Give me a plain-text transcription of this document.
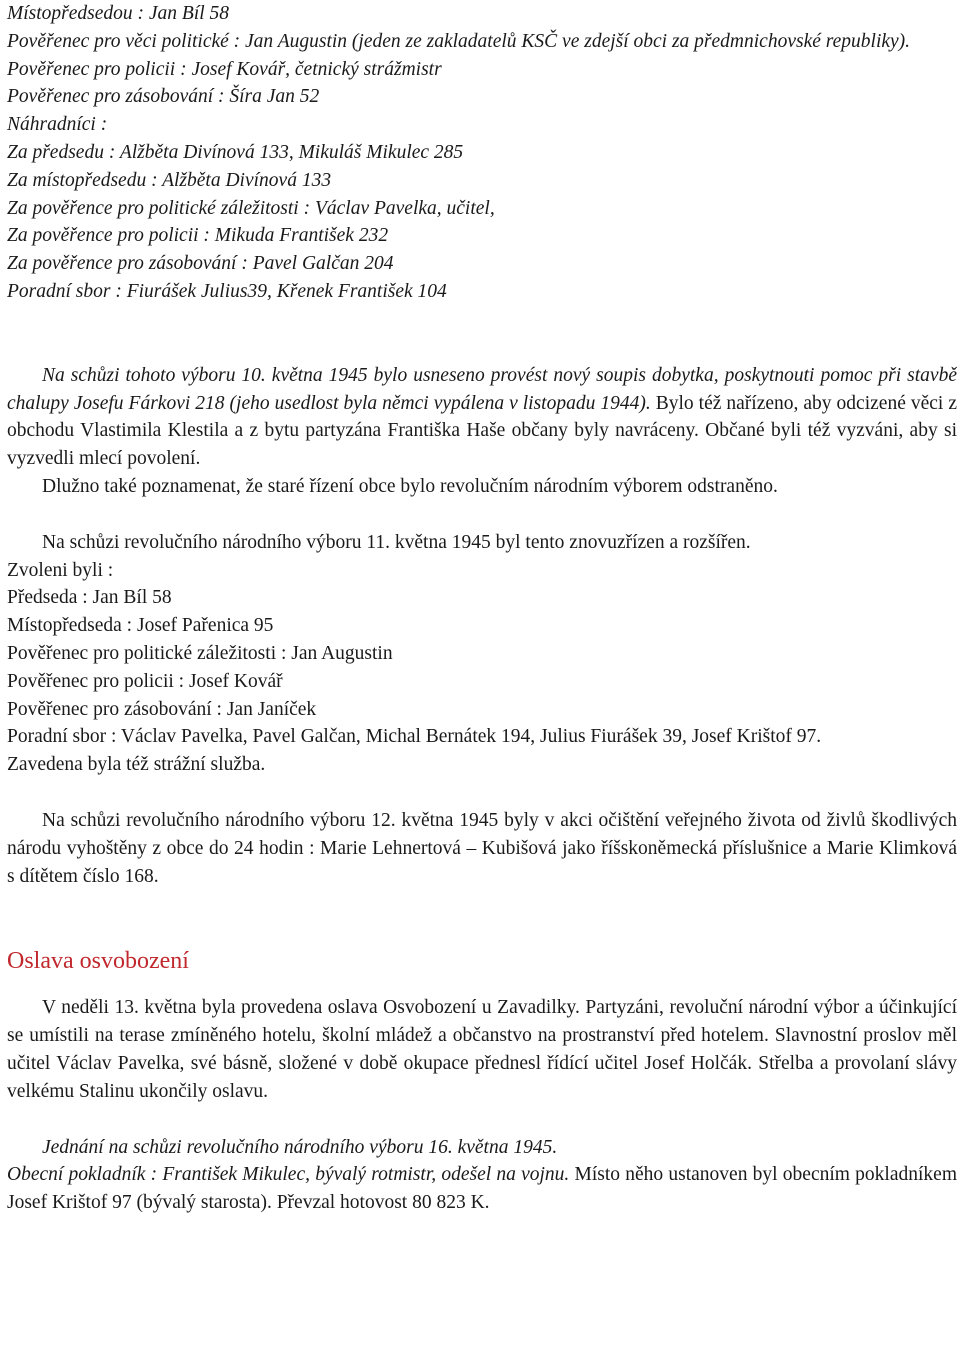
Místopředsedou : Jan Bíl 58

Pověřenec pro věci politické : Jan Augustin (jeden ze zakladatelů KSČ ve zdejší obci za předmnichovské republiky).

Pověřenec pro policii : Josef Kovář, četnický strážmistr

Pověřenec pro zásobování : Šíra Jan 52

Náhradníci :

Za předsedu : Alžběta Divínová 133, Mikuláš Mikulec 285

Za místopředsedu : Alžběta Divínová 133

Za pověřence pro politické záležitosti : Václav Pavelka, učitel,

Za pověřence pro policii : Mikuda František 232

Za pověřence pro zásobování : Pavel Galčan 204

Poradní sbor : Fiurášek Julius39, Křenek František 104

Na schůzi tohoto výboru 10. května 1945 bylo usneseno provést nový soupis dobytka, poskytnouti pomoc při stavbě chalupy Josefu Fárkovi 218 (jeho usedlost byla němci vypálena v listopadu 1944). Bylo též nařízeno, aby odcizené věci z obchodu Vlastimila Klestila a z bytu partyzána Františka Haše občany byly navráceny. Občané byli též vyzváni, aby si vyzvedli mlecí povolení.

Dlužno také poznamenat, že staré řízení obce bylo revolučním národním výborem odstraněno.

Na schůzi revolučního národního výboru 11. května 1945 byl tento znovuzřízen a rozšířen.

Zvoleni byli :

Předseda : Jan Bíl 58

Místopředseda : Josef Pařenica 95

Pověřenec pro politické záležitosti : Jan Augustin

Pověřenec pro policii : Josef Kovář

Pověřenec pro zásobování : Jan Janíček

Poradní sbor : Václav Pavelka, Pavel Galčan, Michal Bernátek 194, Julius Fiurášek 39, Josef Krištof 97.

Zavedena byla též strážní služba.

Na schůzi revolučního národního výboru 12. května 1945 byly v akci očištění veřejného života od živlů škodlivých národu vyhoštěny z obce do 24 hodin : Marie Lehnertová – Kubišová jako říšskoněmecká příslušnice a Marie Klimková s dítětem číslo 168.

Oslava osvobození

V neděli 13. května byla provedena oslava Osvobození u Zavadilky. Partyzáni, revoluční národní výbor a účinkující se umístili na terase zmíněného hotelu, školní mládež a občanstvo na prostranství před hotelem. Slavnostní proslov měl učitel Václav Pavelka, své básně, složené v době okupace přednesl řídící učitel Josef Holčák. Střelba a provolaní slávy velkému Stalinu ukončily oslavu.

Jednání na schůzi revolučního národního výboru 16. května 1945.

Obecní pokladník : František Mikulec, bývalý rotmistr, odešel na vojnu. Místo něho ustanoven byl obecním pokladníkem Josef Krištof 97 (bývalý starosta). Převzal hotovost 80 823 K.
